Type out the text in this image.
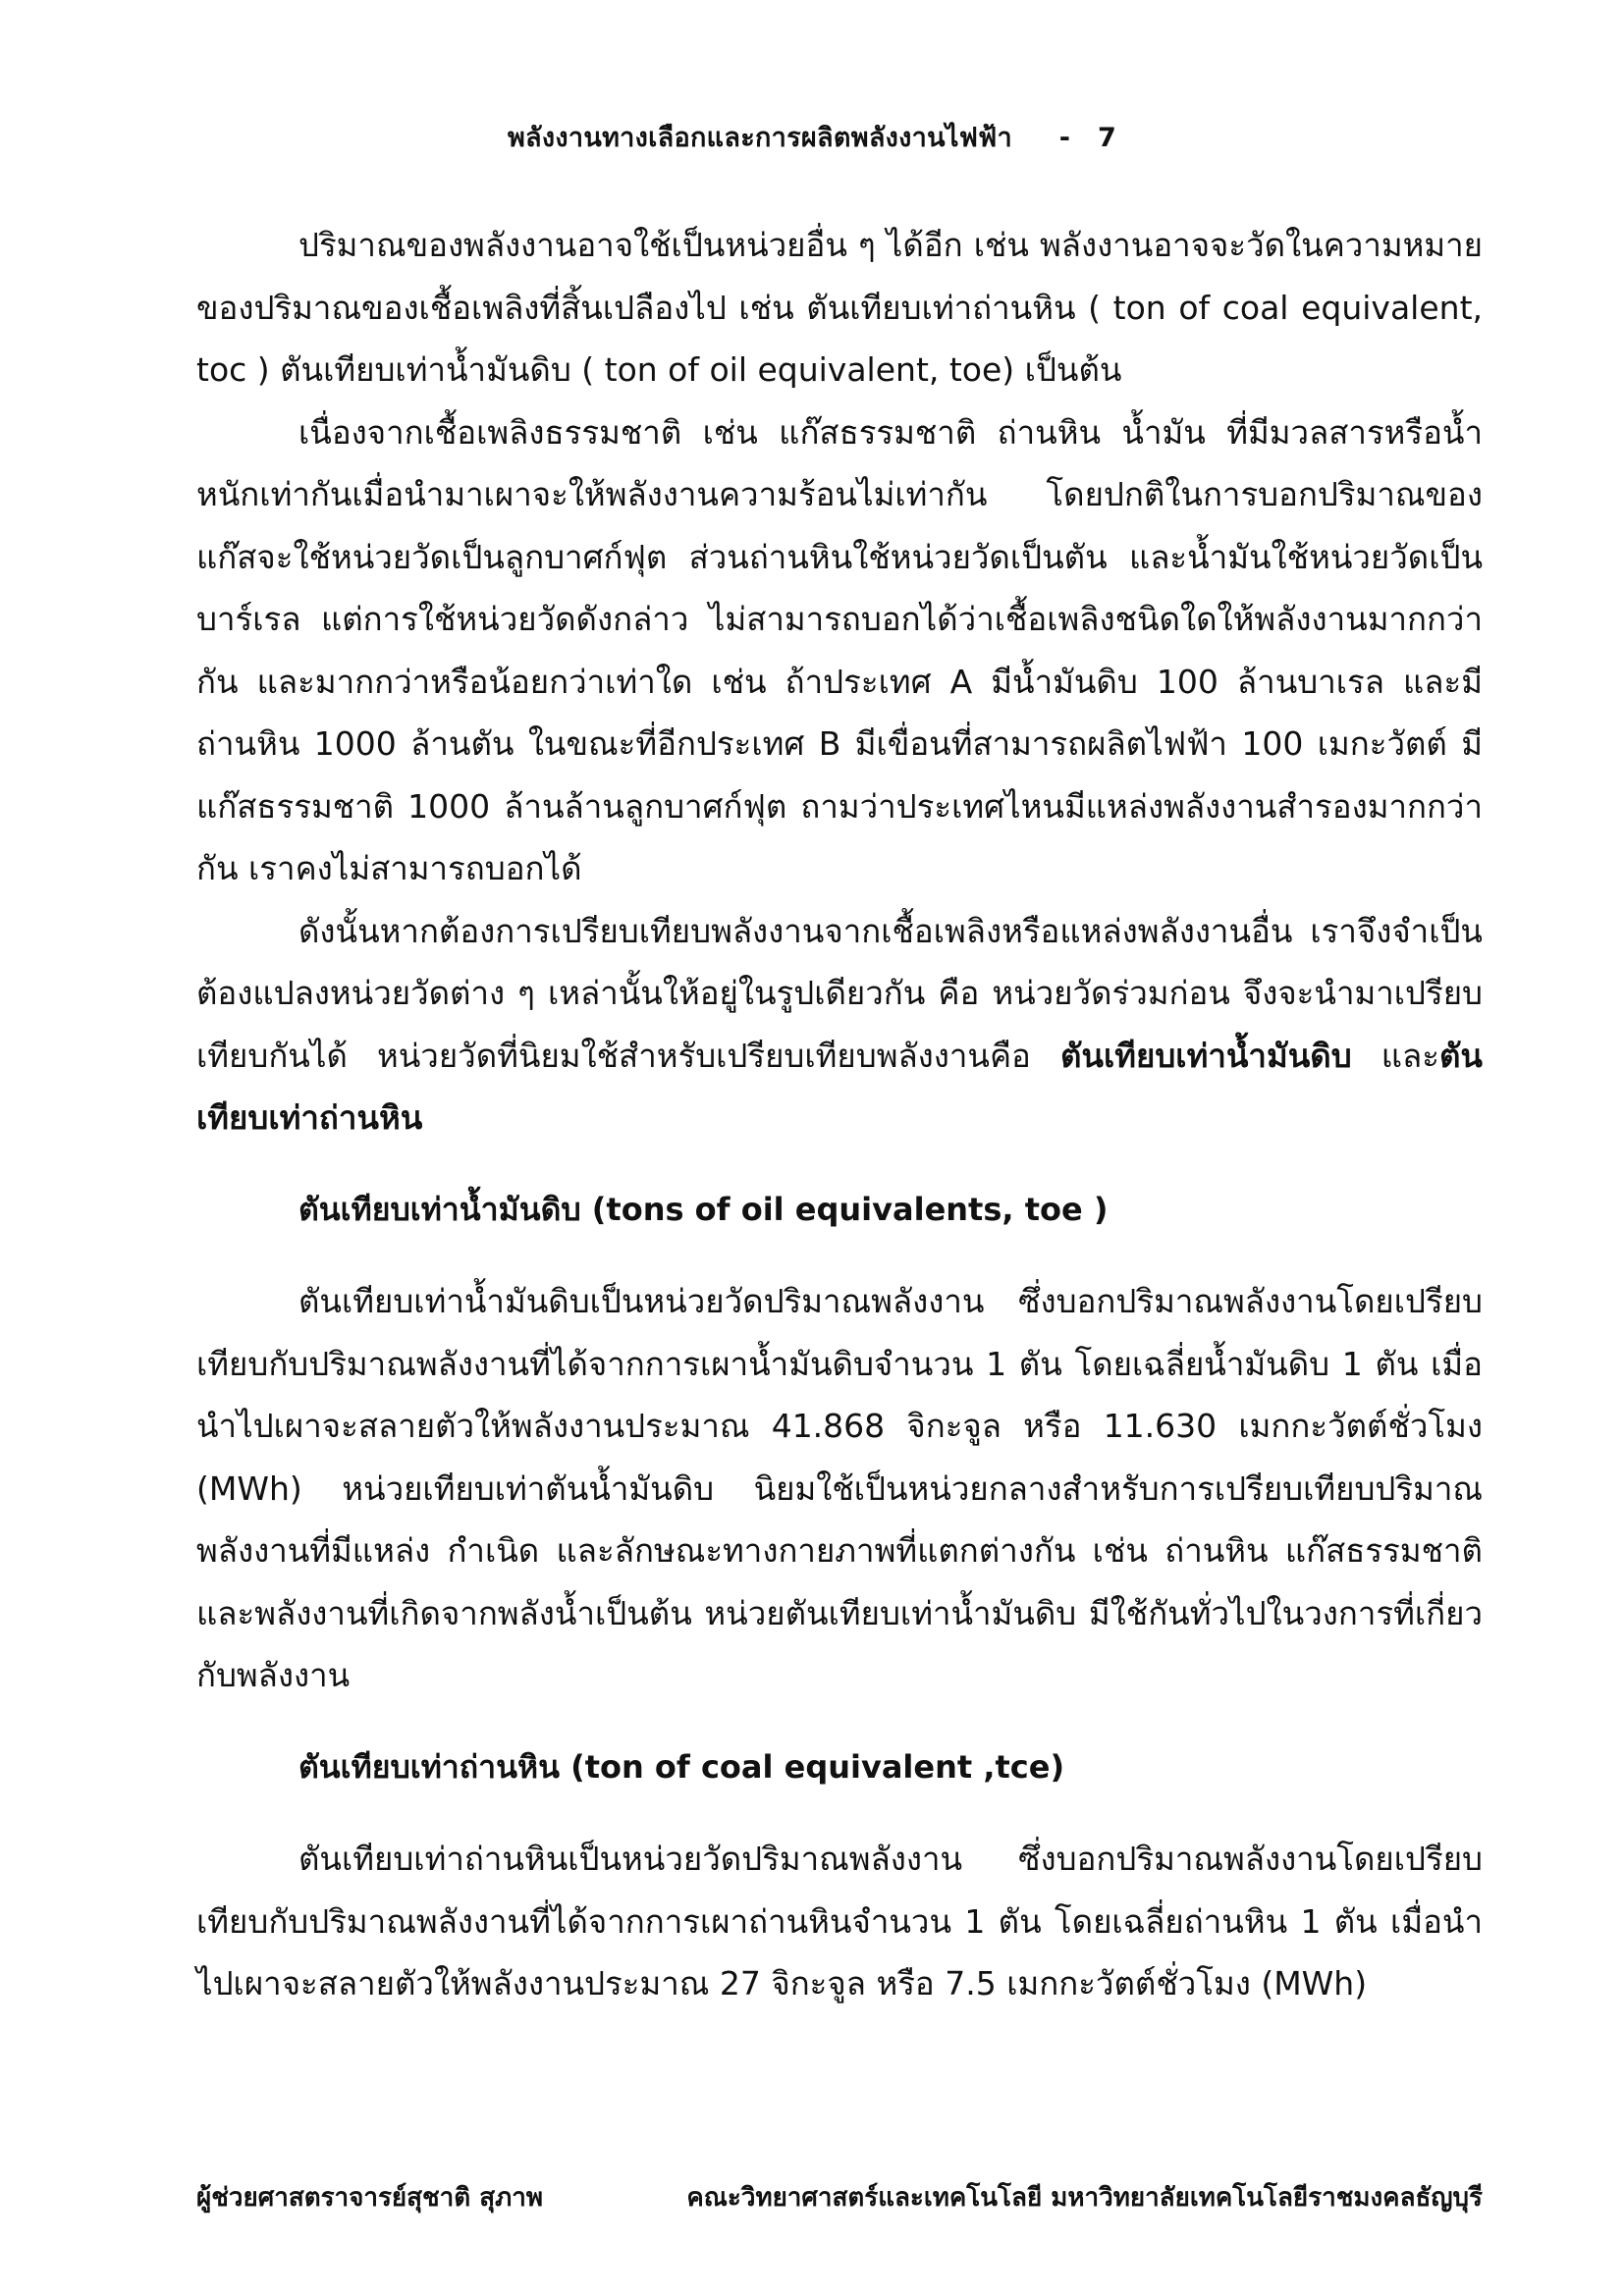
พลังงานทางเลือกและการผลิตพลังงานไฟฟ้า - 7

ปริมาณของพลังงานอาจใช้เป็นหน่วยอื่น ๆ ได้อีก เช่น พลังงานอาจจะวัดในความหมายของปริมาณของเชื้อเพลิงที่สิ้นเปลืองไป เช่น ตันเทียบเท่าถ่านหิน ( ton of coal equivalent, toc ) ตันเทียบเท่าน้ำมันดิบ ( ton of oil equivalent, toe) เป็นต้น

เนื่องจากเชื้อเพลิงธรรมชาติ เช่น แก๊สธรรมชาติ ถ่านหิน น้ำมัน ที่มีมวลสารหรือน้ำหนักเท่ากันเมื่อนำมาเผาจะให้พลังงานความร้อนไม่เท่ากัน โดยปกติในการบอกปริมาณของแก๊สจะใช้หน่วยวัดเป็นลูกบาศก์ฟุต ส่วนถ่านหินใช้หน่วยวัดเป็นตัน และน้ำมันใช้หน่วยวัดเป็นบาร์เรล แต่การใช้หน่วยวัดดังกล่าว ไม่สามารถบอกได้ว่าเชื้อเพลิงชนิดใดให้พลังงานมากกว่ากัน และมากกว่าหรือน้อยกว่าเท่าใด เช่น ถ้าประเทศ A มีน้ำมันดิบ 100 ล้านบาเรล และมีถ่านหิน 1000 ล้านตัน ในขณะที่อีกประเทศ B มีเขื่อนที่สามารถผลิตไฟฟ้า 100 เมกะวัตต์ มีแก๊สธรรมชาติ 1000 ล้านล้านลูกบาศก์ฟุต ถามว่าประเทศไหนมีแหล่งพลังงานสำรองมากกว่ากัน เราคงไม่สามารถบอกได้

ดังนั้นหากต้องการเปรียบเทียบพลังงานจากเชื้อเพลิงหรือแหล่งพลังงานอื่น เราจึงจำเป็นต้องแปลงหน่วยวัดต่าง ๆ เหล่านั้นให้อยู่ในรูปเดียวกัน คือ หน่วยวัดร่วมก่อน จึงจะนำมาเปรียบเทียบกันได้ หน่วยวัดที่นิยมใช้สำหรับเปรียบเทียบพลังงานคือ ตันเทียบเท่าน้ำมันดิบ และตันเทียบเท่าถ่านหิน

ตันเทียบเท่าน้ำมันดิบ (tons of oil equivalents, toe )

ตันเทียบเท่าน้ำมันดิบเป็นหน่วยวัดปริมาณพลังงาน ซึ่งบอกปริมาณพลังงานโดยเปรียบเทียบกับปริมาณพลังงานที่ได้จากการเผาน้ำมันดิบจำนวน 1 ตัน โดยเฉลี่ยน้ำมันดิบ 1 ตัน เมื่อนำไปเผาจะสลายตัวให้พลังงานประมาณ 41.868 จิกะจูล หรือ 11.630 เมกกะวัตต์ชั่วโมง (MWh) หน่วยเทียบเท่าตันน้ำมันดิบ นิยมใช้เป็นหน่วยกลางสำหรับการเปรียบเทียบปริมาณพลังงานที่มีแหล่ง กำเนิด และลักษณะทางกายภาพที่แตกต่างกัน เช่น ถ่านหิน แก๊สธรรมชาติ และพลังงานที่เกิดจากพลังน้ำเป็นต้น หน่วยตันเทียบเท่าน้ำมันดิบ มีใช้กันทั่วไปในวงการที่เกี่ยวกับพลังงาน

ตันเทียบเท่าถ่านหิน (ton of coal equivalent ,tce)

ตันเทียบเท่าถ่านหินเป็นหน่วยวัดปริมาณพลังงาน ซึ่งบอกปริมาณพลังงานโดยเปรียบเทียบกับปริมาณพลังงานที่ได้จากการเผาถ่านหินจำนวน 1 ตัน โดยเฉลี่ยถ่านหิน 1 ตัน เมื่อนำไปเผาจะสลายตัวให้พลังงานประมาณ 27 จิกะจูล หรือ 7.5 เมกกะวัตต์ชั่วโมง (MWh)

ผู้ช่วยศาสตราจารย์สุชาติ สุภาพ	คณะวิทยาศาสตร์และเทคโนโลยี มหาวิทยาลัยเทคโนโลยีราชมงคลธัญบุรี
